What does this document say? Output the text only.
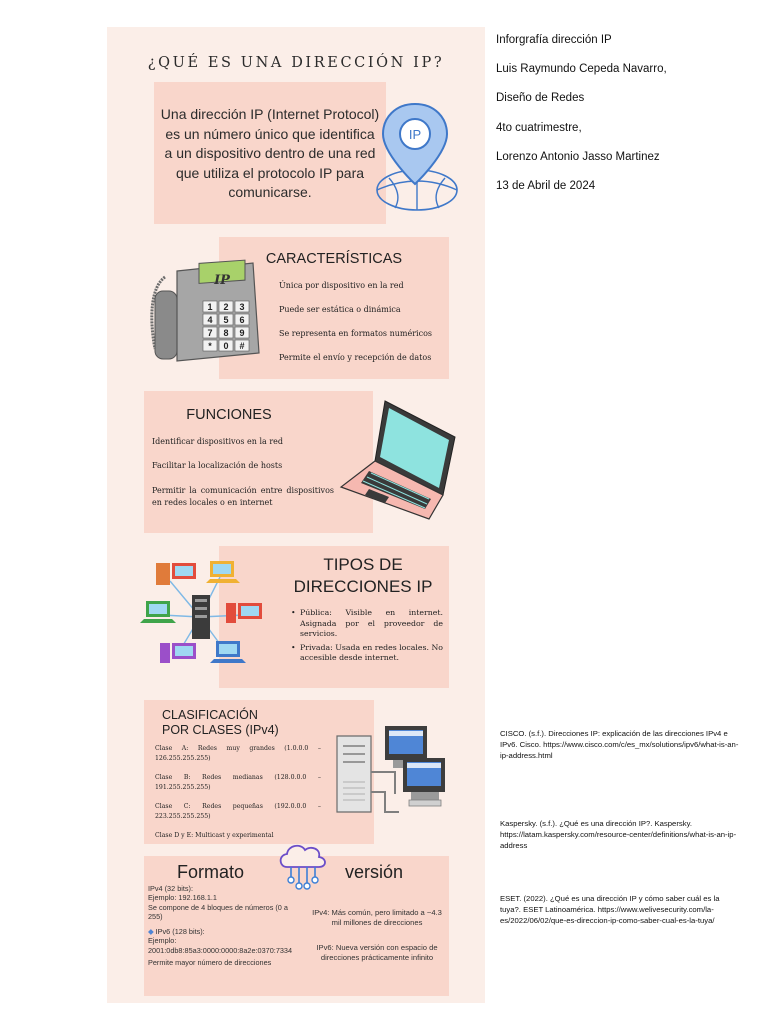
¿QUÉ ES UNA DIRECCIÓN IP?
Una dirección IP (Internet Protocol) es un número único que identifica a un dispositivo dentro de una red que utiliza el protocolo IP para comunicarse.
IP
CARACTERÍSTICAS
Única por dispositivo en la red
Puede ser estática o dinámica
Se representa en formatos numéricos
Permite el envío y recepción de datos
IP
1 2 3
4 5 6
7 8 9
* 0 #
FUNCIONES
Identificar dispositivos en la red
Facilitar la localización de hosts
Permitir la comunicación entre dispositivos en redes locales o en internet
TIPOS DE DIRECCIONES IP
• Pública: Visible en internet. Asignada por el proveedor de servicios.
• Privada: Usada en redes locales. No accesible desde internet.
CLASIFICACIÓN
POR CLASES (IPv4)
Clase A: Redes muy grandes (1.0.0.0 – 126.255.255.255)
Clase B: Redes medianas (128.0.0.0 – 191.255.255.255)
Clase C: Redes pequeñas (192.0.0.0 – 223.255.255.255)
Clase D y E: Multicast y experimental
Formato	versión
IPv4 (32 bits):
Ejemplo: 192.168.1.1
Se compone de 4 bloques de números (0 a 255)
◆ IPv6 (128 bits):
Ejemplo:
2001:0db8:85a3:0000:0000:8a2e:0370:7334
Permite mayor número de direcciones
IPv4: Más común, pero limitado a ~4.3 mil millones de direcciones
IPv6: Nueva versión con espacio de direcciones prácticamente infinito
Inforgrafía dirección IP
Luis Raymundo Cepeda Navarro,
Diseño de Redes
4to cuatrimestre,
Lorenzo Antonio Jasso Martinez
13 de Abril de 2024
CISCO. (s.f.). Direcciones IP: explicación de las direcciones IPv4 e IPv6. Cisco. https://www.cisco.com/c/es_mx/solutions/ipv6/what-is-an-ip-address.html
Kaspersky. (s.f.). ¿Qué es una dirección IP?. Kaspersky. https://latam.kaspersky.com/resource-center/definitions/what-is-an-ip-address
ESET. (2022). ¿Qué es una dirección IP y cómo saber cuál es la tuya?. ESET Latinoamérica. https://www.welivesecurity.com/la-es/2022/06/02/que-es-direccion-ip-como-saber-cual-es-la-tuya/
